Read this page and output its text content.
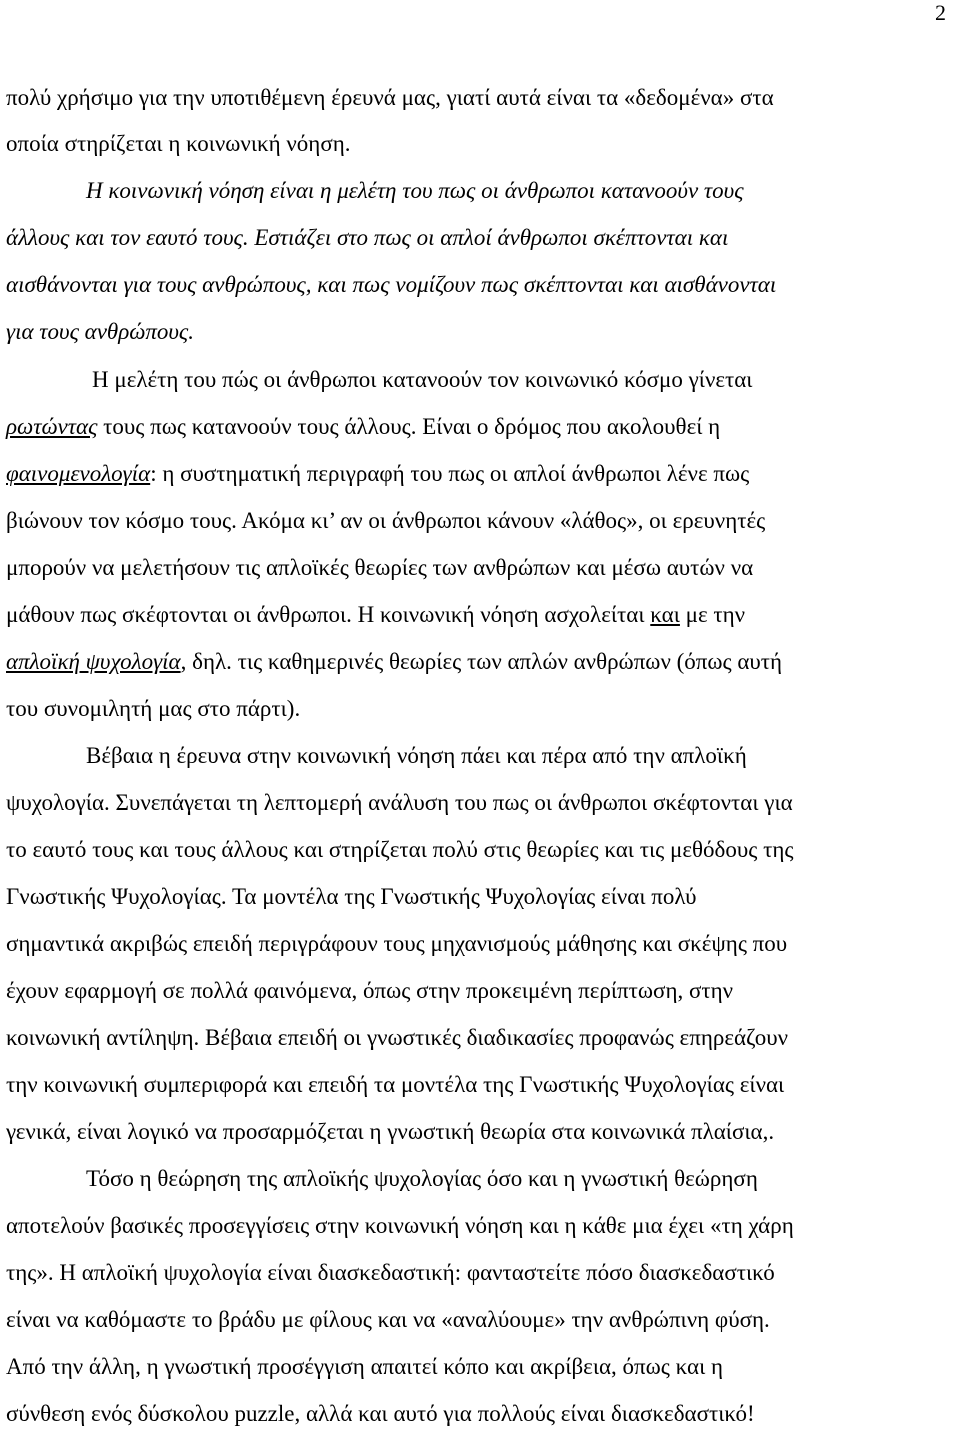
2
πολύ χρήσιμο για την υποτιθέμενη έρευνά μας, γιατί αυτά είναι τα «δεδομένα» στα
οποία στηρίζεται η κοινωνική νόηση.
Η κοινωνική νόηση είναι η μελέτη του πως οι άνθρωποι κατανοούν τους
άλλους και τον εαυτό τους. Εστιάζει στο πως οι απλοί άνθρωποι σκέπτονται και
αισθάνονται για τους ανθρώπους, και πως νομίζουν πως σκέπτονται και αισθάνονται
για τους ανθρώπους.
Η μελέτη του πώς οι άνθρωποι κατανοούν τον κοινωνικό κόσμο γίνεται
ρωτώντας τους πως κατανοούν τους άλλους. Είναι ο δρόμος που ακολουθεί η
φαινομενολογία: η συστηματική περιγραφή του πως οι απλοί άνθρωποι λένε πως
βιώνουν τον κόσμο τους. Ακόμα κι’ αν οι άνθρωποι κάνουν «λάθος», οι ερευνητές
μπορούν να μελετήσουν τις απλοϊκές θεωρίες των ανθρώπων και μέσω αυτών να
μάθουν πως σκέφτονται οι άνθρωποι. Η κοινωνική νόηση ασχολείται και με την
απλοϊκή ψυχολογία, δηλ. τις καθημερινές θεωρίες των απλών ανθρώπων (όπως αυτή
του συνομιλητή μας στο πάρτι).
Βέβαια η έρευνα στην κοινωνική νόηση πάει και πέρα από την απλοϊκή
ψυχολογία. Συνεπάγεται τη λεπτομερή ανάλυση του πως οι άνθρωποι σκέφτονται για
το εαυτό τους και τους άλλους και στηρίζεται πολύ στις θεωρίες και τις μεθόδους της
Γνωστικής Ψυχολογίας. Τα μοντέλα της Γνωστικής Ψυχολογίας είναι πολύ
σημαντικά ακριβώς επειδή περιγράφουν τους μηχανισμούς μάθησης και σκέψης που
έχουν εφαρμογή σε πολλά φαινόμενα, όπως στην προκειμένη περίπτωση, στην
κοινωνική αντίληψη. Βέβαια επειδή οι γνωστικές διαδικασίες προφανώς επηρεάζουν
την κοινωνική συμπεριφορά και επειδή τα μοντέλα της Γνωστικής Ψυχολογίας είναι
γενικά, είναι λογικό να προσαρμόζεται η γνωστική θεωρία στα κοινωνικά πλαίσια,.
Τόσο η θεώρηση της απλοϊκής ψυχολογίας όσο και η γνωστική θεώρηση
αποτελούν βασικές προσεγγίσεις στην κοινωνική νόηση και η κάθε μια έχει «τη χάρη
της». Η απλοϊκή ψυχολογία είναι διασκεδαστική: φανταστείτε πόσο διασκεδαστικό
είναι να καθόμαστε το βράδυ με φίλους και να «αναλύουμε» την ανθρώπινη φύση.
Από την άλλη, η γνωστική προσέγγιση απαιτεί κόπο και ακρίβεια, όπως και η
σύνθεση ενός δύσκολου puzzle, αλλά και αυτό για πολλούς είναι διασκεδαστικό!
